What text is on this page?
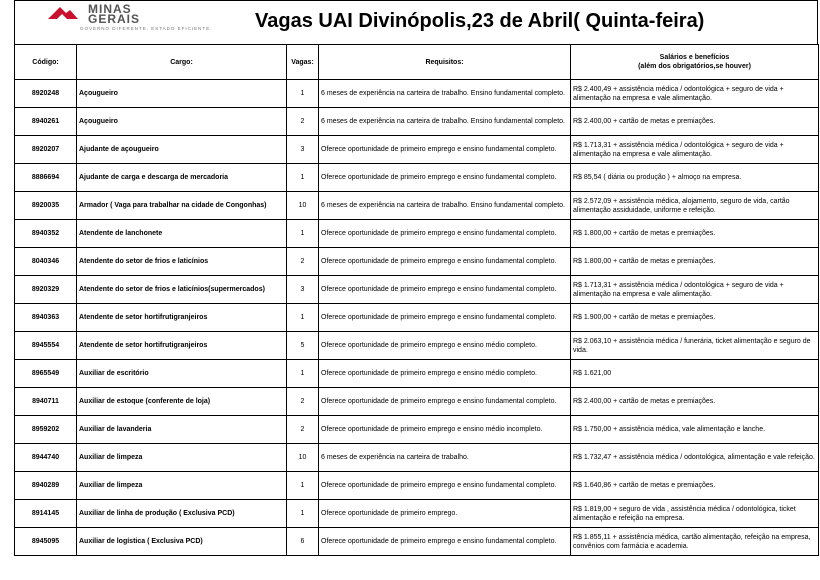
MINAS
GERAIS
GOVERNO DIFERENTE. ESTADO EFICIENTE. Vagas UAI Divinópolis,23 de Abril( Quinta-feira)
Código:	Cargo:	Vagas:	Requisitos:	Salários e benefícios
(além dos obrigatórios,se houver)

8920248	Açougueiro	1	6 meses de experiência na carteira de trabalho. Ensino fundamental completo.	R$ 2.400,49 + assistência médica / odontológica + seguro de vida + alimentação na empresa e vale alimentação.
8940261	Açougueiro	2	6 meses de experiência na carteira de trabalho. Ensino fundamental completo.	R$ 2.400,00 + cartão de metas e premiações.
8920207	Ajudante de açougueiro	3	Oferece oportunidade de primeiro emprego e ensino fundamental completo.	R$ 1.713,31 + assistência médica / odontológica + seguro de vida + alimentação na empresa e vale alimentação.
8886694	Ajudante de carga e descarga de mercadoria	1	Oferece oportunidade de primeiro emprego e ensino fundamental completo.	R$ 85,54 ( diária ou produção ) + almoço na empresa.
8920035	Armador ( Vaga para trabalhar na cidade de Congonhas)	10	6 meses de experiência na carteira de trabalho. Ensino fundamental completo.	R$ 2.572,09 + assistência médica, alojamento, seguro de vida, cartão alimentação assiduidade, uniforme e refeição.
8940352	Atendente de lanchonete	1	Oferece oportunidade de primeiro emprego e ensino fundamental completo.	R$ 1.800,00 + cartão de metas e premiações.
8040346	Atendente do setor de frios e laticínios	2	Oferece oportunidade de primeiro emprego e ensino fundamental completo.	R$ 1.800,00 + cartão de metas e premiações.
8920329	Atendente do setor de frios e laticínios(supermercados)	3	Oferece oportunidade de primeiro emprego e ensino fundamental completo.	R$ 1.713,31 + assistência médica / odontológica + seguro de vida + alimentação na empresa e vale alimentação.
8940363	Atendente de setor hortifrutigranjeiros	1	Oferece oportunidade de primeiro emprego e ensino fundamental completo.	R$ 1.900,00 + cartão de metas e premiações.
8945554	Atendente de setor hortifrutigranjeiros	5	Oferece oportunidade de primeiro emprego e ensino médio completo.	R$ 2.063,10 + assistência médica / funerária, ticket alimentação e seguro de vida.
8965549	Auxiliar de escritório	1	Oferece oportunidade de primeiro emprego e ensino médio completo.	R$ 1.621,00
8940711	Auxiliar de estoque (conferente de loja)	2	Oferece oportunidade de primeiro emprego e ensino fundamental completo.	R$ 2.400,00 + cartão de metas e premiações.
8959202	Auxiliar de lavanderia	2	Oferece oportunidade de primeiro emprego e ensino médio incompleto.	R$ 1.750,00 + assistência médica, vale alimentação e lanche.
8944740	Auxiliar de limpeza	10	6 meses de experiência na carteira de trabalho.	R$ 1.732,47 + assistência médica / odontológica, alimentação e vale refeição.
8940289	Auxiliar de limpeza	1	Oferece oportunidade de primeiro emprego e ensino fundamental completo.	R$ 1.640,86 + cartão de metas e premiações.
8914145	Auxiliar de linha de produção ( Exclusiva PCD)	1	Oferece oportunidade de primeiro emprego.	R$ 1.819,00 + seguro de vida , assistência médica / odontológica, ticket alimentação e refeição na empresa.
8945095	Auxiliar de logística ( Exclusiva PCD)	6	Oferece oportunidade de primeiro emprego e ensino fundamental completo.	R$ 1.855,11 + assistência médica, cartão alimentação, refeição na empresa, convênios com farmácia e academia.
